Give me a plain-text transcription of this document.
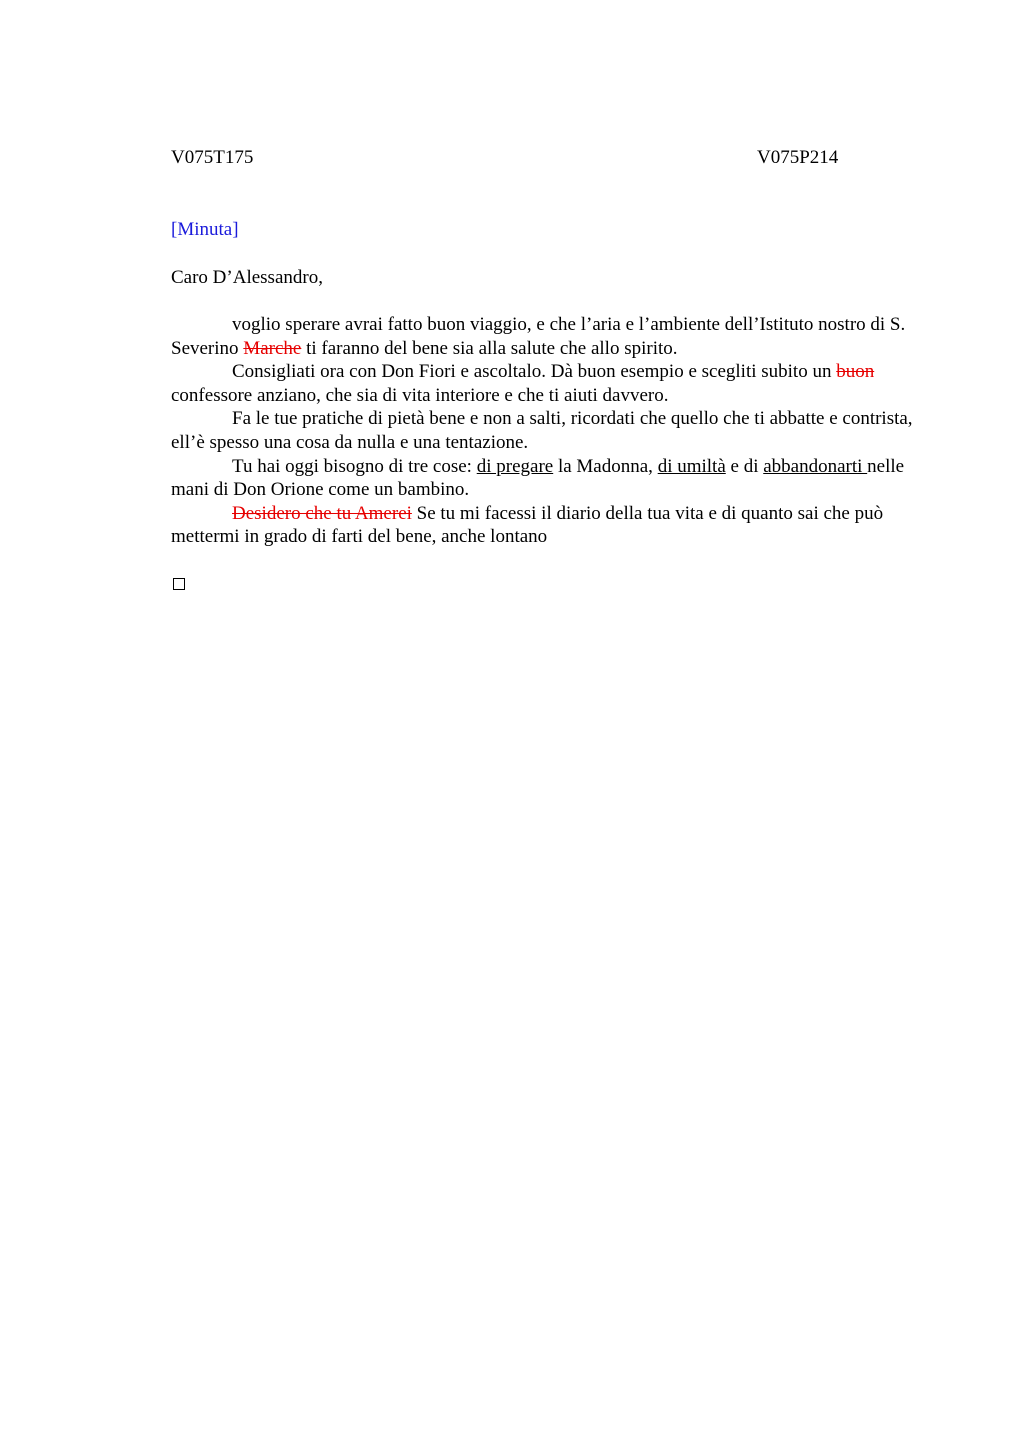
V075T175	V075P214
[Minuta]
Caro D’Alessandro,

voglio sperare avrai fatto buon viaggio, e che l’aria e l’ambiente dell’Istituto nostro di S. Severino Marche ti faranno del bene sia alla salute che allo spirito.

Consigliati ora con Don Fiori e ascoltalo. Dà buon esempio e scegliti subito un buon confessore anziano, che sia di vita interiore e che ti aiuti davvero.

Fa le tue pratiche di pietà bene e non a salti, ricordati che quello che ti abbatte e contrista, ell’è spesso una cosa da nulla e una tentazione.

Tu hai oggi bisogno di tre cose: di pregare la Madonna, di umiltà e di abbandonarti nelle mani di Don Orione come un bambino.

Desidero che tu Amerei Se tu mi facessi il diario della tua vita e di quanto sai che può mettermi in grado di farti del bene, anche lontano
